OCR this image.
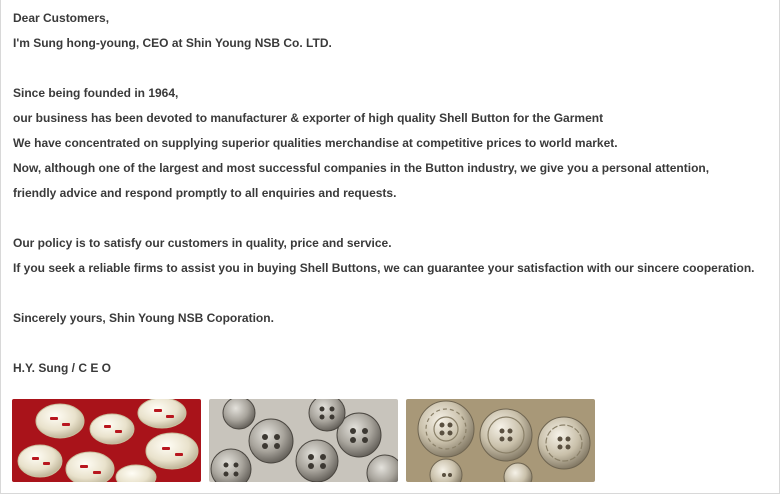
Dear Customers,
I'm Sung hong-young, CEO at Shin Young NSB Co. LTD.
Since being founded in 1964,
our business has been devoted to manufacturer & exporter of high quality Shell Button for the Garment
We have concentrated on supplying superior qualities merchandise at competitive prices to world market.
Now, although one of the largest and most successful companies in the Button industry, we give you a personal attention,
friendly advice and respond promptly to all enquiries and requests.
Our policy is to satisfy our customers in quality, price and service.
If you seek a reliable firms to assist you in buying Shell Buttons, we can guarantee your satisfaction with our sincere cooperation.
Sincerely yours, Shin Young NSB Coporation.
H.Y. Sung / C E O
